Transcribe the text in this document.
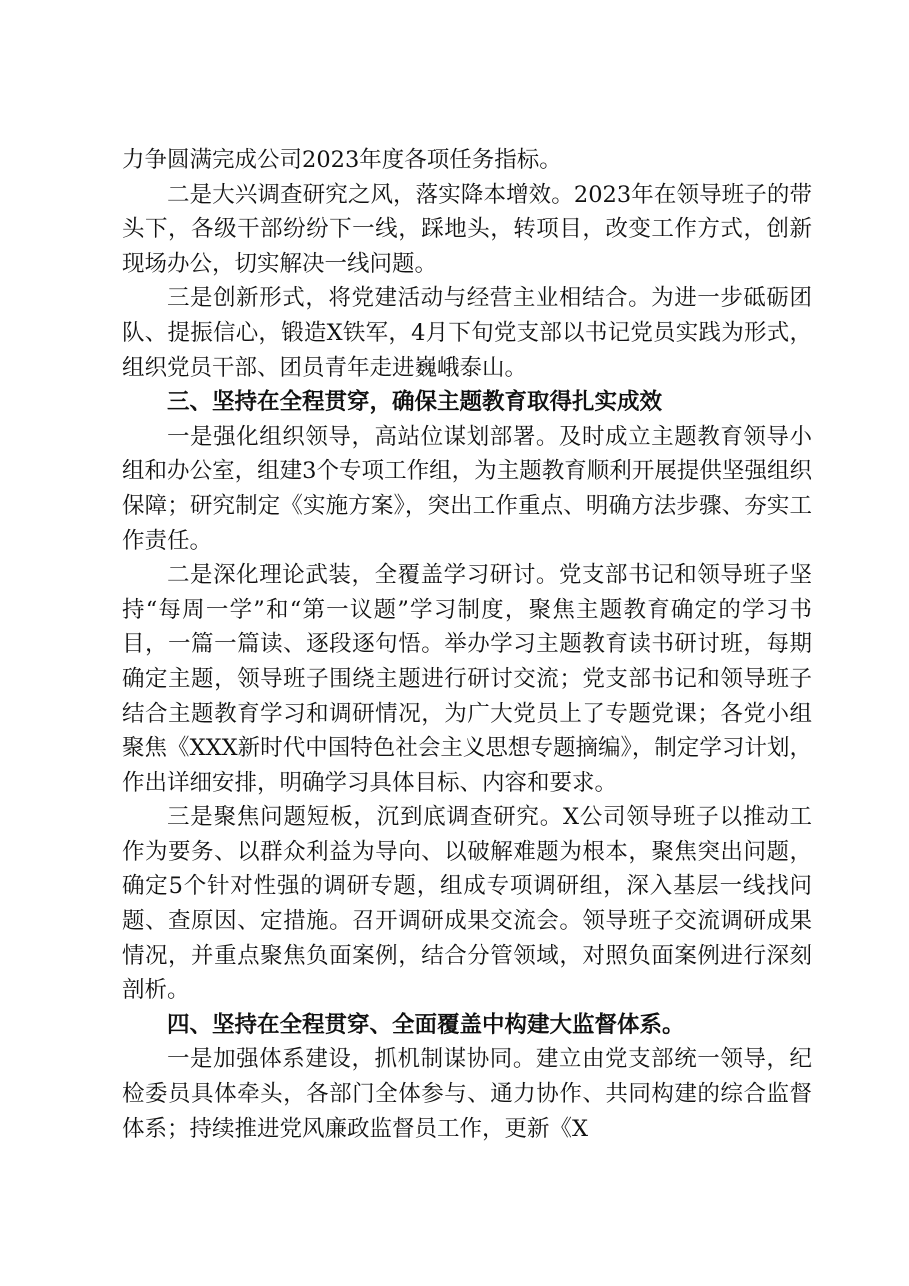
力争圆满完成公司2023年度各项任务指标。

二是大兴调查研究之风，落实降本增效。2023年在领导班子的带头下，各级干部纷纷下一线，踩地头，转项目，改变工作方式，创新现场办公，切实解决一线问题。

三是创新形式，将党建活动与经营主业相结合。为进一步砥砺团队、提振信心，锻造X铁军，4月下旬党支部以书记党员实践为形式，组织党员干部、团员青年走进巍峨泰山。

三、坚持在全程贯穿，确保主题教育取得扎实成效

一是强化组织领导，高站位谋划部署。及时成立主题教育领导小组和办公室，组建3个专项工作组，为主题教育顺利开展提供坚强组织保障；研究制定《实施方案》，突出工作重点、明确方法步骤、夯实工作责任。

二是深化理论武装，全覆盖学习研讨。党支部书记和领导班子坚持“每周一学”和“第一议题”学习制度，聚焦主题教育确定的学习书目，一篇一篇读、逐段逐句悟。举办学习主题教育读书研讨班，每期确定主题，领导班子围绕主题进行研讨交流；党支部书记和领导班子结合主题教育学习和调研情况，为广大党员上了专题党课；各党小组聚焦《XXX新时代中国特色社会主义思想专题摘编》，制定学习计划，作出详细安排，明确学习具体目标、内容和要求。

三是聚焦问题短板，沉到底调查研究。X公司领导班子以推动工作为要务、以群众利益为导向、以破解难题为根本，聚焦突出问题，确定5个针对性强的调研专题，组成专项调研组，深入基层一线找问题、查原因、定措施。召开调研成果交流会。领导班子交流调研成果情况，并重点聚焦负面案例，结合分管领域，对照负面案例进行深刻剖析。

四、坚持在全程贯穿、全面覆盖中构建大监督体系。

一是加强体系建设，抓机制谋协同。建立由党支部统一领导，纪检委员具体牵头，各部门全体参与、通力协作、共同构建的综合监督体系；持续推进党风廉政监督员工作，更新《X
